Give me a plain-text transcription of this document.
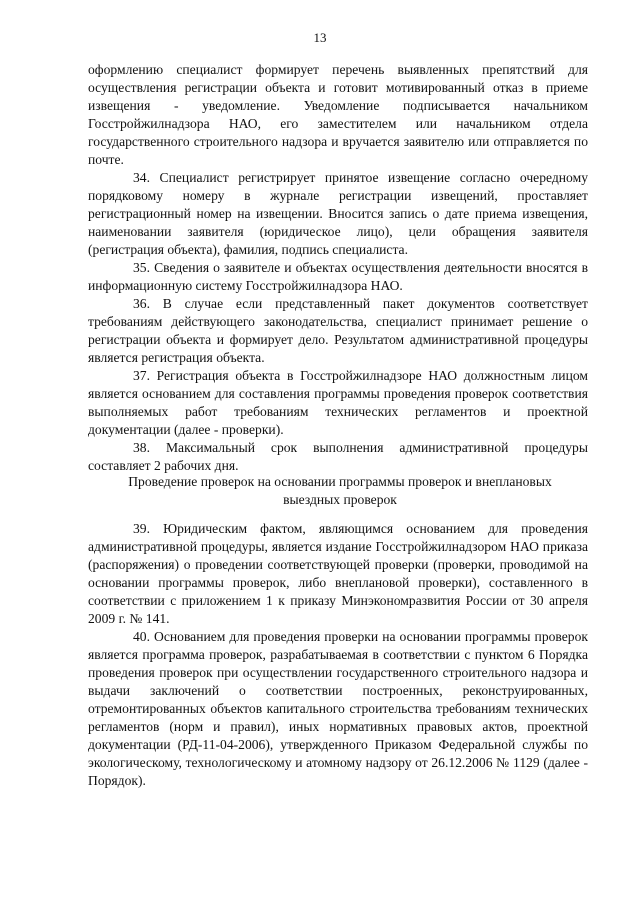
13

оформлению специалист формирует перечень выявленных препятствий для осуществления регистрации объекта и готовит мотивированный отказ в приеме извещения - уведомление. Уведомление подписывается начальником Госстройжилнадзора НАО, его заместителем или начальником отдела государственного строительного надзора и вручается заявителю или отправляется по почте.

34. Специалист регистрирует принятое извещение согласно очередному порядковому номеру в журнале регистрации извещений, проставляет регистрационный номер на извещении. Вносится запись о дате приема извещения, наименовании заявителя (юридическое лицо), цели обращения заявителя (регистрация объекта), фамилия, подпись специалиста.

35. Сведения о заявителе и объектах осуществления деятельности вносятся в информационную систему Госстройжилнадзора НАО.

36. В случае если представленный пакет документов соответствует требованиям действующего законодательства, специалист принимает решение о регистрации объекта и формирует дело. Результатом административной процедуры является регистрация объекта.

37. Регистрация объекта в Госстройжилнадзоре НАО должностным лицом является основанием для составления программы проведения проверок соответствия выполняемых работ требованиям технических регламентов и проектной документации (далее - проверки).

38. Максимальный срок выполнения административной процедуры составляет 2 рабочих дня.

Проведение проверок на основании программы проверок и внеплановых выездных проверок

39. Юридическим фактом, являющимся основанием для проведения административной процедуры, является издание Госстройжилнадзором НАО приказа (распоряжения) о проведении соответствующей проверки (проверки, проводимой на основании программы проверок, либо внеплановой проверки), составленного в соответствии с приложением 1 к приказу Минэкономразвития России от 30 апреля 2009 г. № 141.

40. Основанием для проведения проверки на основании программы проверок является программа проверок, разрабатываемая в соответствии с пунктом 6 Порядка проведения проверок при осуществлении государственного строительного надзора и выдачи заключений о соответствии построенных, реконструированных, отремонтированных объектов капитального строительства требованиям технических регламентов (норм и правил), иных нормативных правовых актов, проектной документации (РД-11-04-2006), утвержденного Приказом Федеральной службы по экологическому, технологическому и атомному надзору от 26.12.2006 № 1129 (далее - Порядок).
